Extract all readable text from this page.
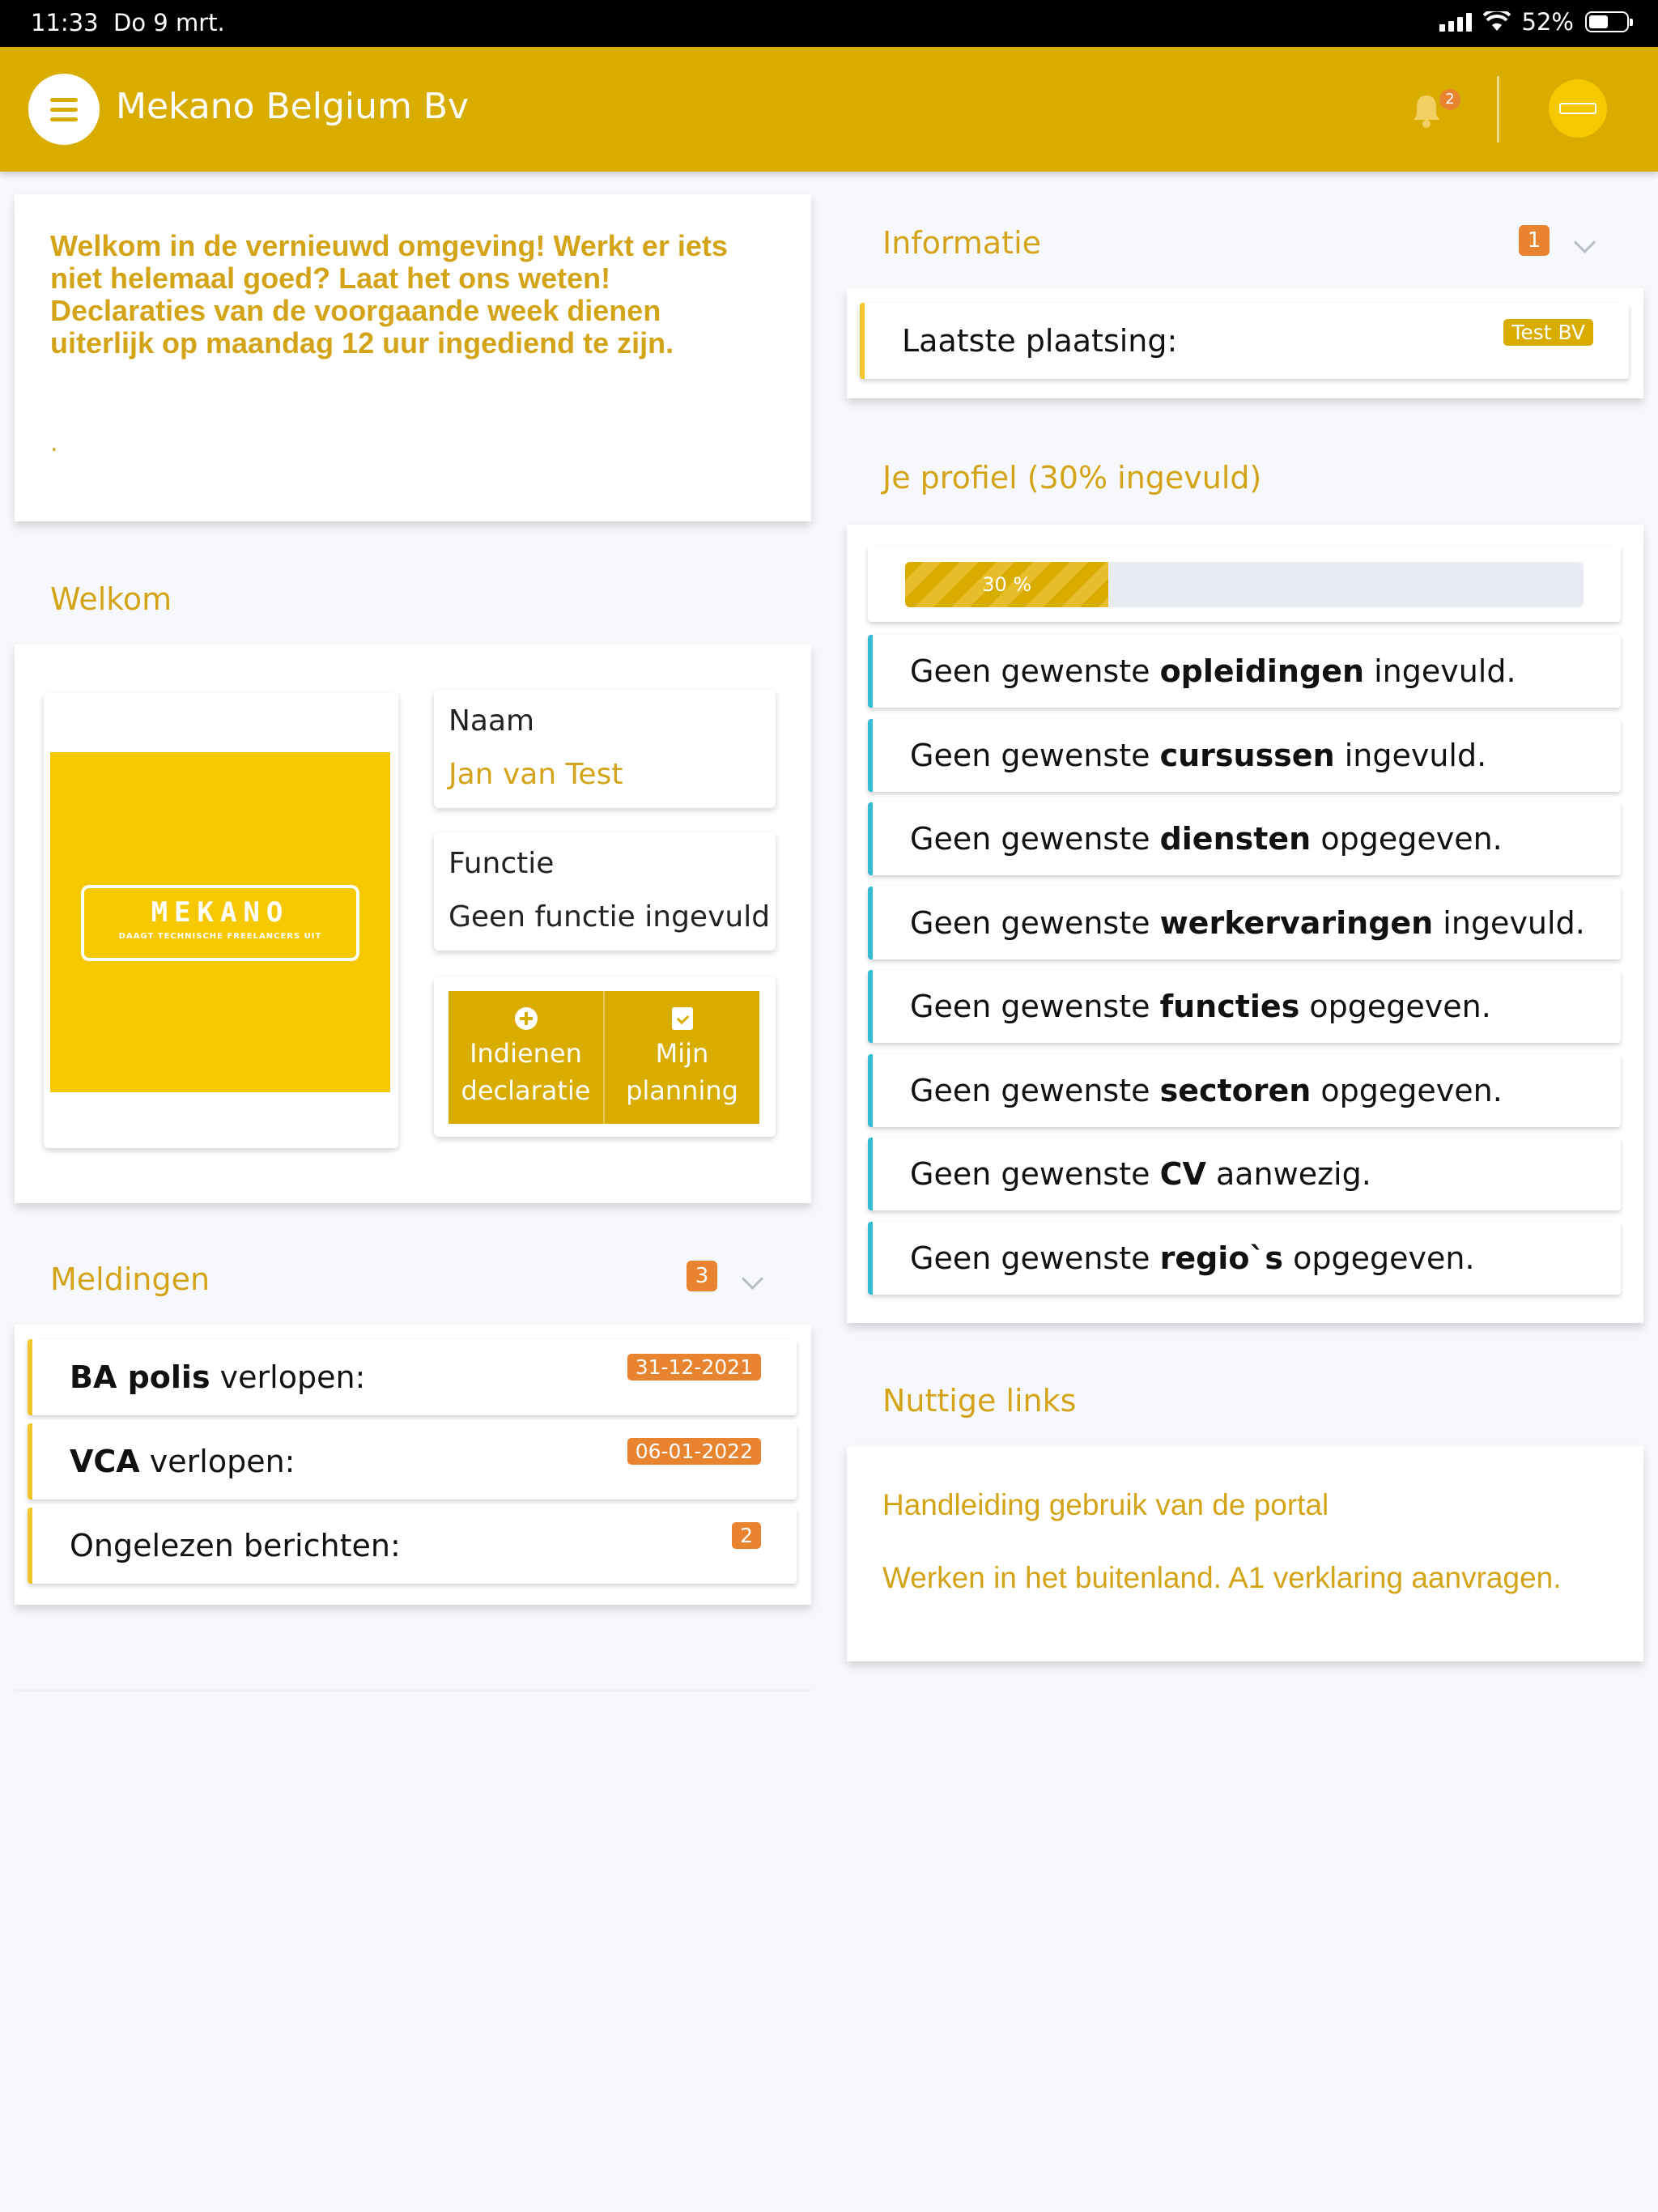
11:33 Do 9 mrt.	52%
Mekano Belgium Bv	2
Welkom in de vernieuwd omgeving! Werkt er iets
niet helemaal goed? Laat het ons weten!
Declaraties van de voorgaande week dienen
uiterlijk op maandag 12 uur ingediend te zijn.
.
Welkom
MEKANO
DAAGT TECHNISCHE FREELANCERS UIT
Naam
Jan van Test
Functie
Geen functie ingevuld
Indienen
declaratie
Mijn
planning
Meldingen	3
BA polis verlopen:	31-12-2021
VCA verlopen:	06-01-2022
Ongelezen berichten:	2
Informatie	1
Laatste plaatsing:	Test BV
Je profiel (30% ingevuld)
30 %
Geen gewenste opleidingen ingevuld.
Geen gewenste cursussen ingevuld.
Geen gewenste diensten opgegeven.
Geen gewenste werkervaringen ingevuld.
Geen gewenste functies opgegeven.
Geen gewenste sectoren opgegeven.
Geen gewenste CV aanwezig.
Geen gewenste regio`s opgegeven.
Nuttige links
Handleiding gebruik van de portal
Werken in het buitenland. A1 verklaring aanvragen.
